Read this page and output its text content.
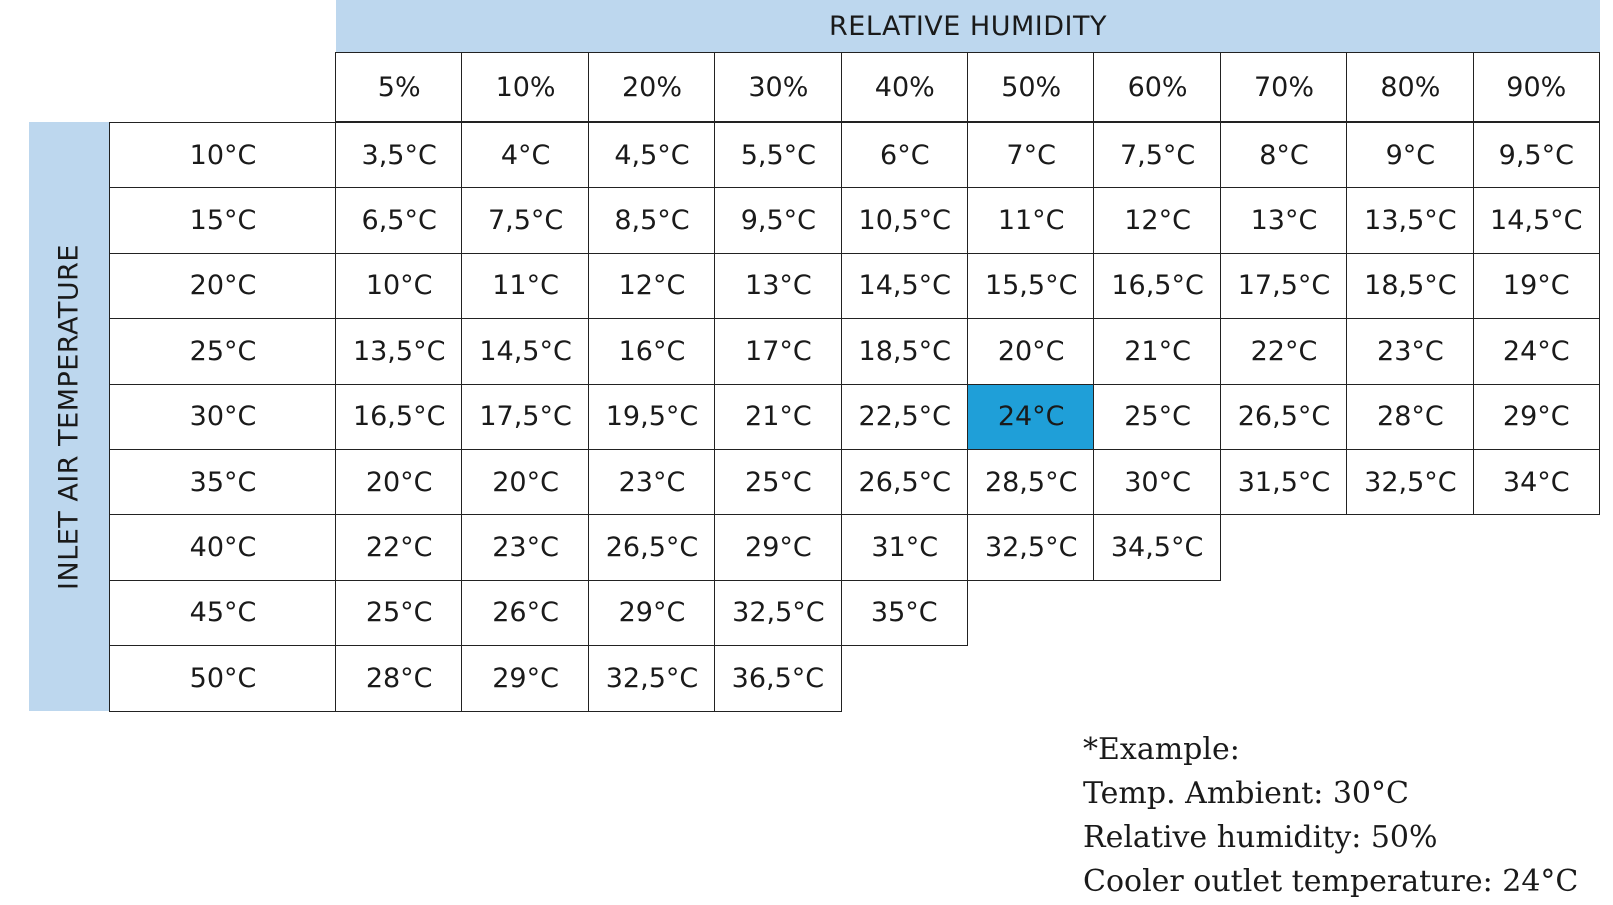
RELATIVE HUMIDITY
INLET AIR TEMPERATURE
5%	10%	20%	30%	40%	50%	60%	70%	80%	90%
10°C	3,5°C	4°C	4,5°C	5,5°C	6°C	7°C	7,5°C	8°C	9°C	9,5°C
15°C	6,5°C	7,5°C	8,5°C	9,5°C	10,5°C	11°C	12°C	13°C	13,5°C	14,5°C
20°C	10°C	11°C	12°C	13°C	14,5°C	15,5°C	16,5°C	17,5°C	18,5°C	19°C
25°C	13,5°C	14,5°C	16°C	17°C	18,5°C	20°C	21°C	22°C	23°C	24°C
30°C	16,5°C	17,5°C	19,5°C	21°C	22,5°C	24°C	25°C	26,5°C	28°C	29°C
35°C	20°C	20°C	23°C	25°C	26,5°C	28,5°C	30°C	31,5°C	32,5°C	34°C
40°C	22°C	23°C	26,5°C	29°C	31°C	32,5°C	34,5°C
45°C	25°C	26°C	29°C	32,5°C	35°C
50°C	28°C	29°C	32,5°C	36,5°C
*Example:
Temp. Ambient: 30°C
Relative humidity: 50%
Cooler outlet temperature: 24°C
